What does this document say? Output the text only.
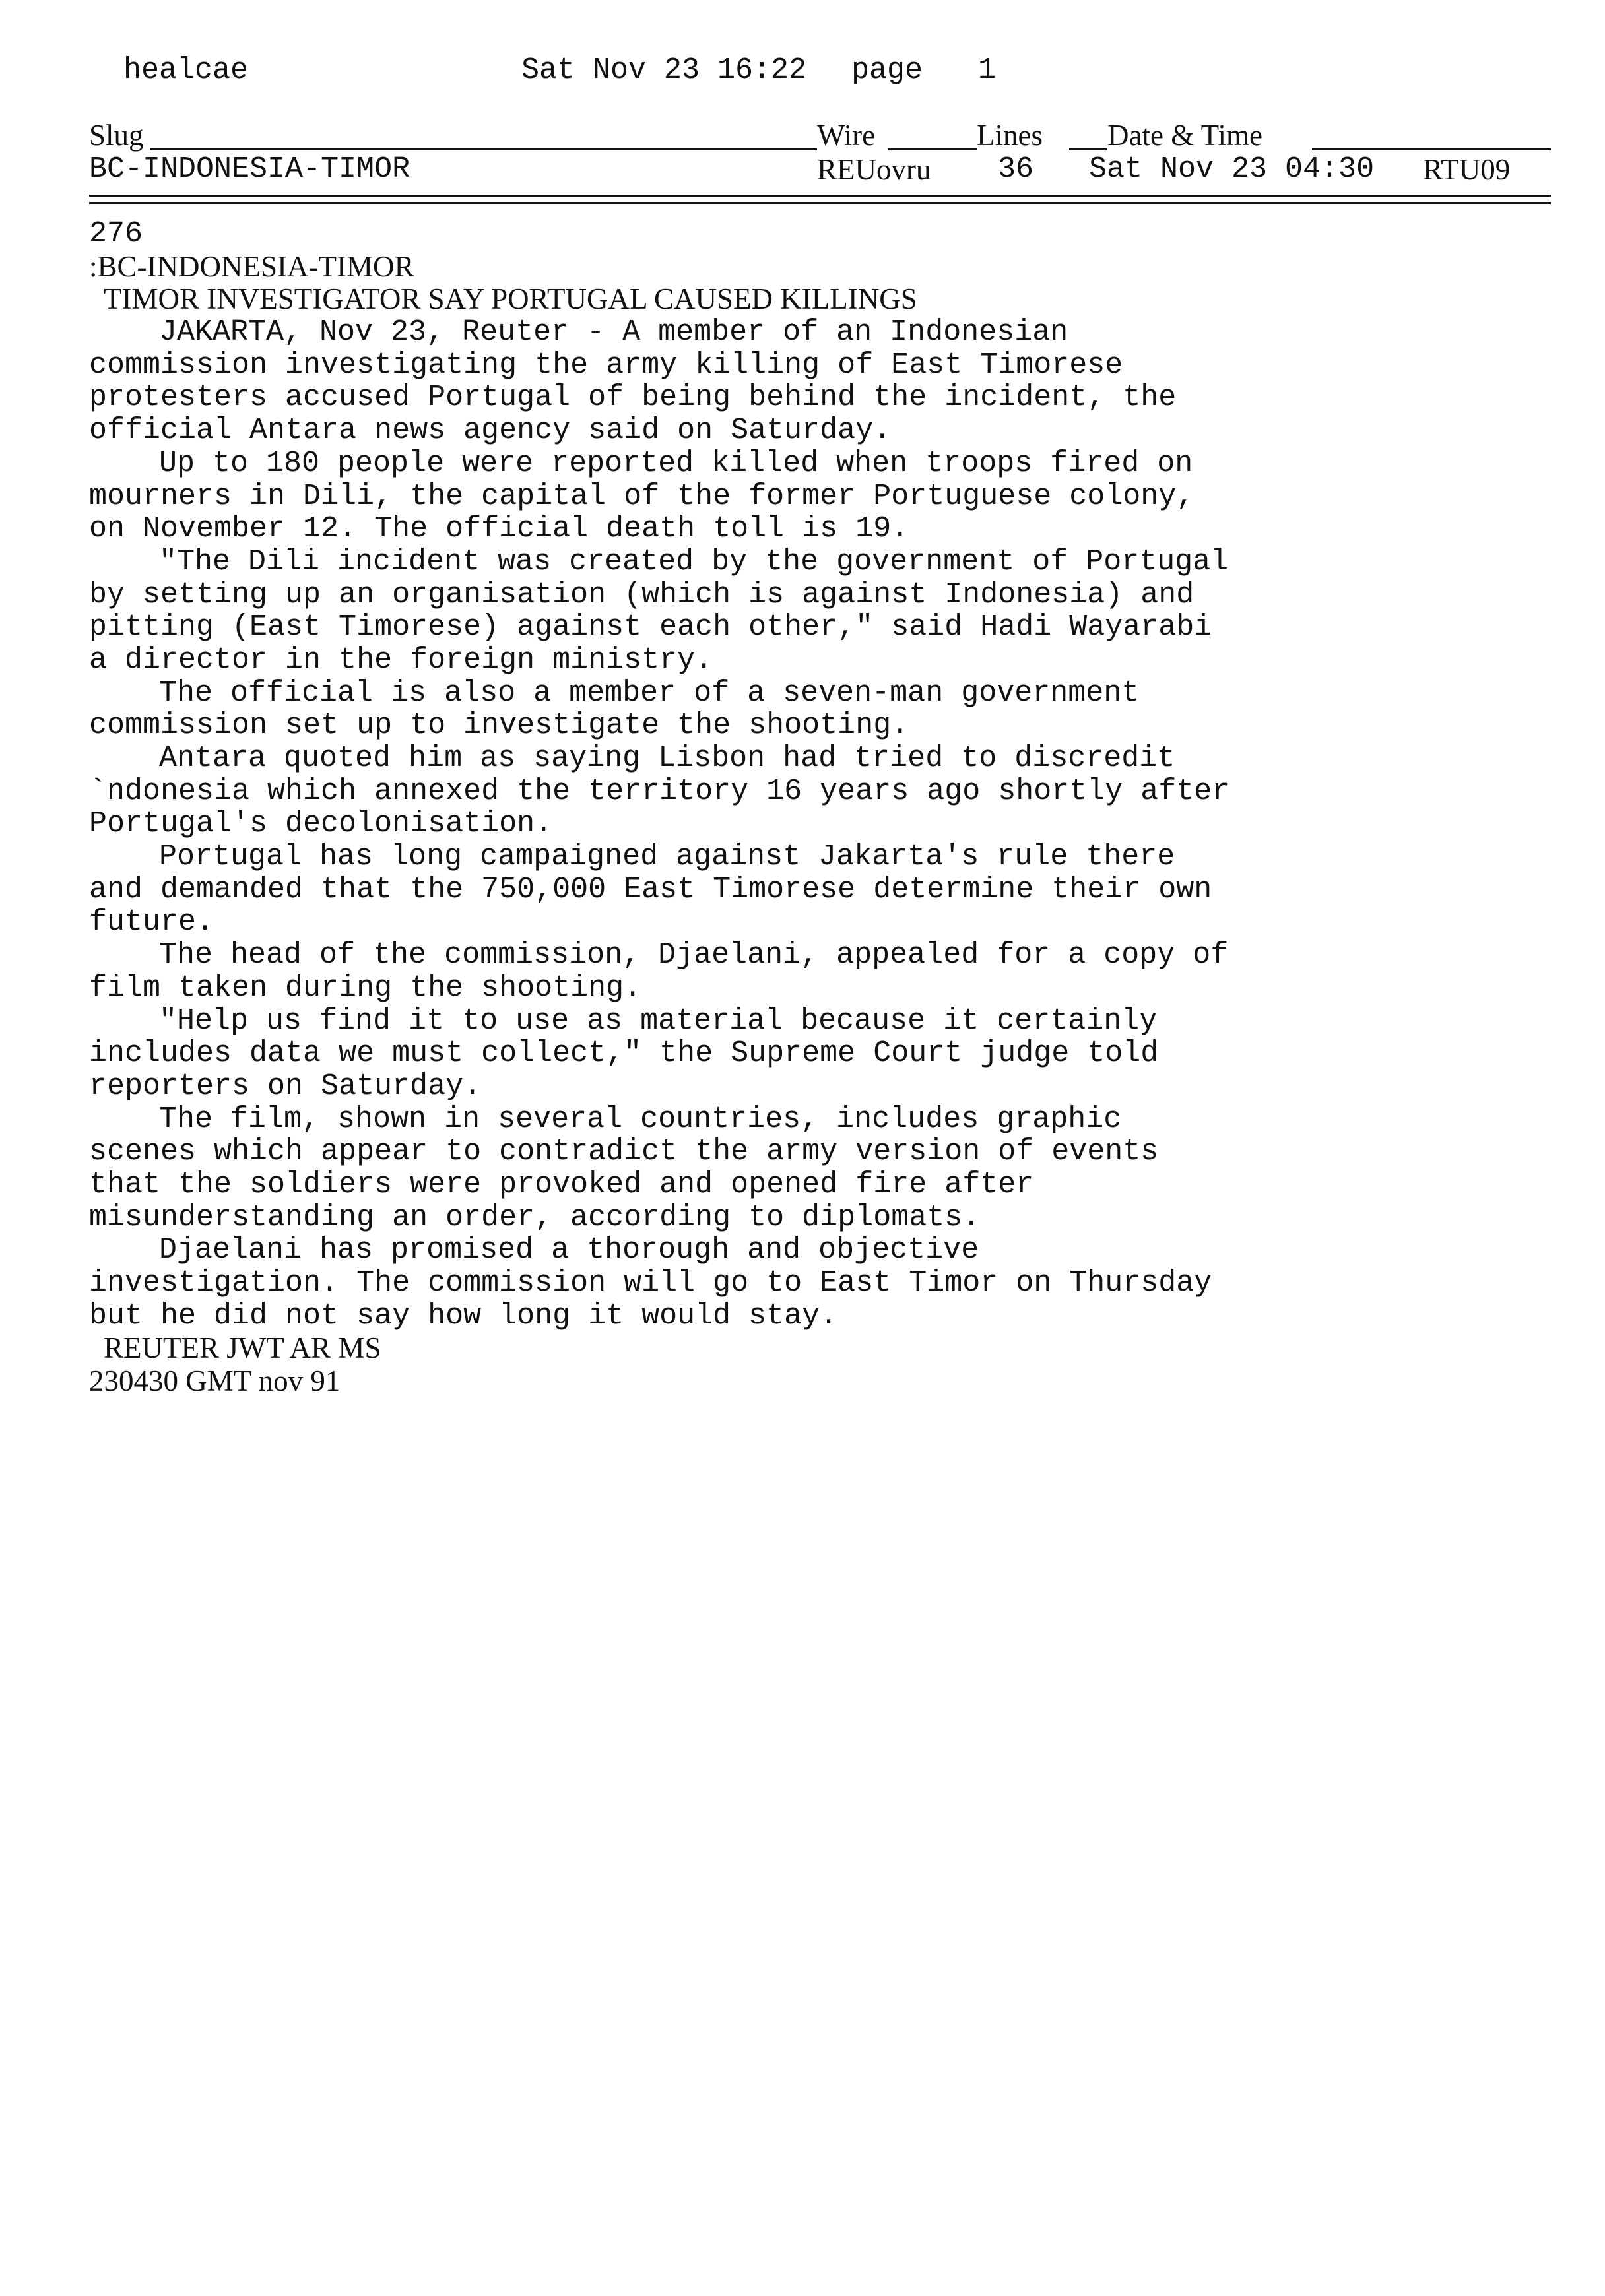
healcae	Sat Nov 23 16:22 page 1
Slug	Wire	Lines Date & Time
BC-INDONESIA-TIMOR	REUovru 36 Sat Nov 23 04:30 RTU09
276
:BC-INDONESIA-TIMOR
TIMOR INVESTIGATOR SAY PORTUGAL CAUSED KILLINGS
JAKARTA, Nov 23, Reuter - A member of an Indonesian
commission investigating the army killing of East Timorese
protesters accused Portugal of being behind the incident, the
official Antara news agency said on Saturday.
Up to 180 people were reported killed when troops fired on
mourners in Dili, the capital of the former Portuguese colony,
on November 12. The official death toll is 19.
"The Dili incident was created by the government of Portugal
by setting up an organisation (which is against Indonesia) and
pitting (East Timorese) against each other," said Hadi Wayarabi
a director in the foreign ministry.
The official is also a member of a seven-man government
commission set up to investigate the shooting.
Antara quoted him as saying Lisbon had tried to discredit
`ndonesia which annexed the territory 16 years ago shortly after
Portugal's decolonisation.
Portugal has long campaigned against Jakarta's rule there
and demanded that the 750,000 East Timorese determine their own
future.
The head of the commission, Djaelani, appealed for a copy of
film taken during the shooting.
"Help us find it to use as material because it certainly
includes data we must collect," the Supreme Court judge told
reporters on Saturday.
The film, shown in several countries, includes graphic
scenes which appear to contradict the army version of events
that the soldiers were provoked and opened fire after
misunderstanding an order, according to diplomats.
Djaelani has promised a thorough and objective
investigation. The commission will go to East Timor on Thursday
but he did not say how long it would stay.
REUTER JWT AR MS
230430 GMT nov 91
